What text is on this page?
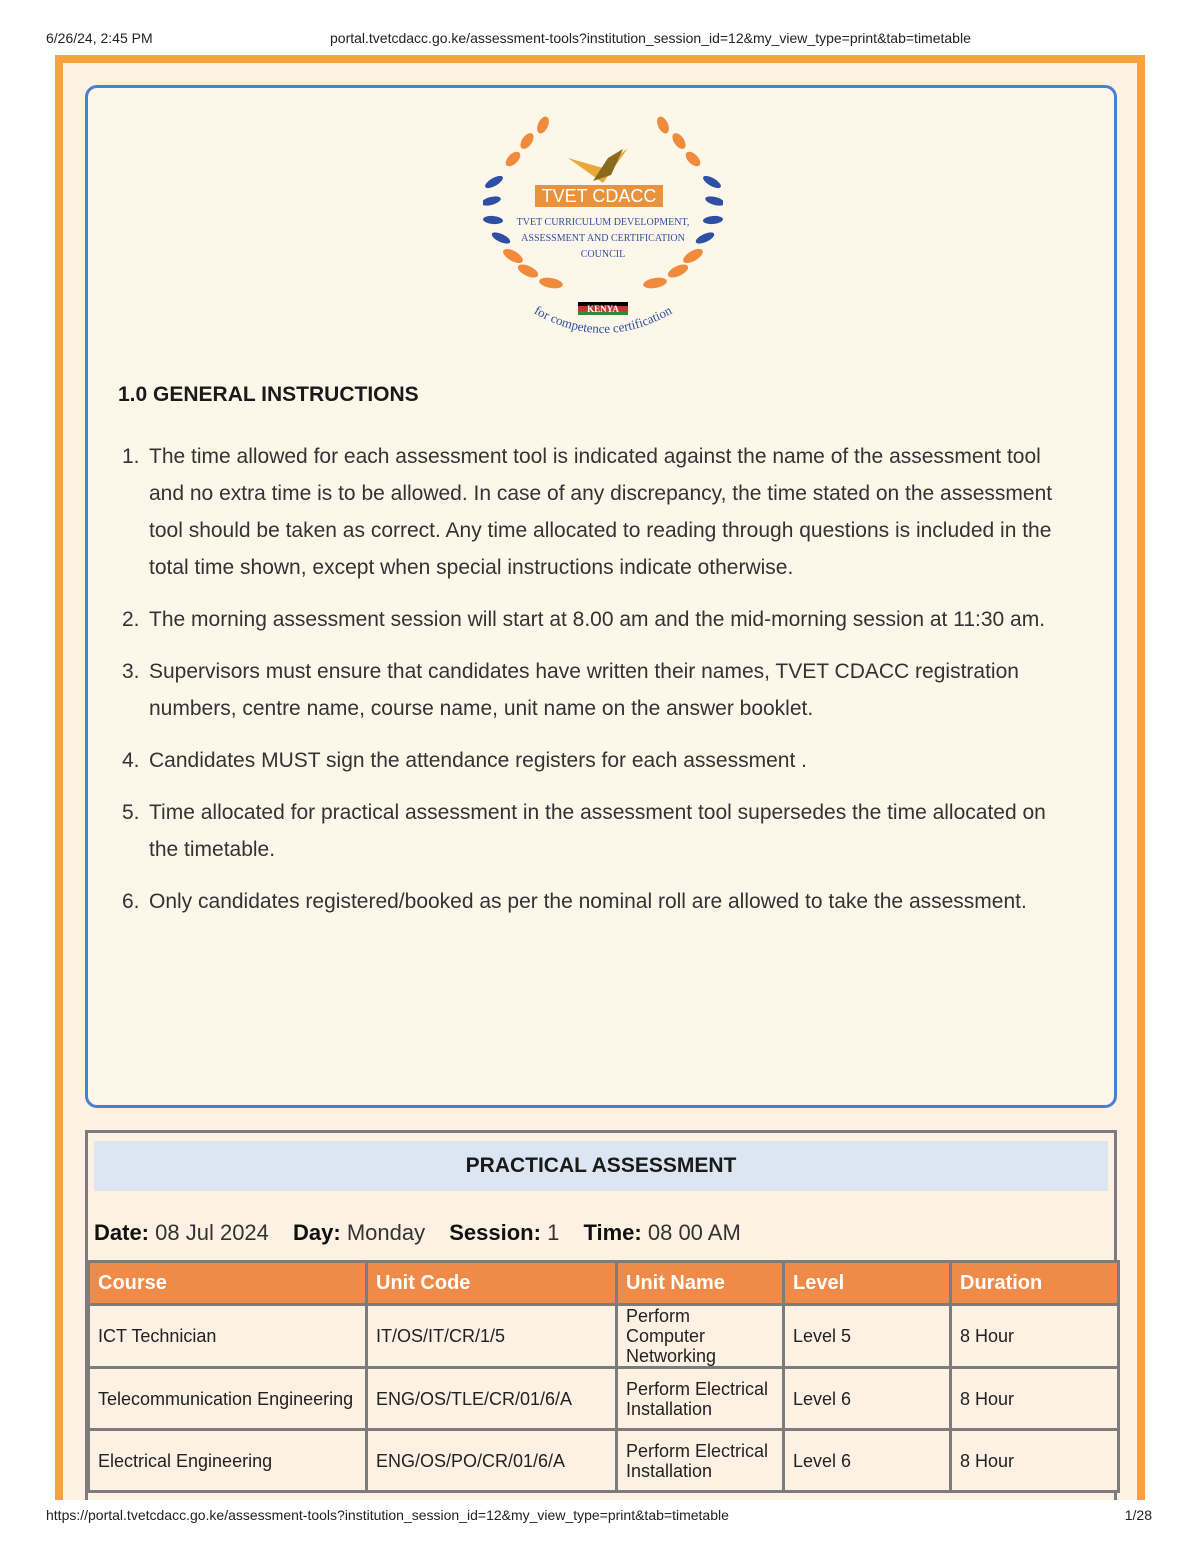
6/26/24, 2:45 PM	portal.tvetcdacc.go.ke/assessment-tools?institution_session_id=12&my_view_type=print&tab=timetable
TVET CDACC
TVET CURRICULUM DEVELOPMENT,
ASSESSMENT AND CERTIFICATION
COUNCIL
KENYA
for competence certification
1.0 GENERAL INSTRUCTIONS
1. The time allowed for each assessment tool is indicated against the name of the assessment tool and no extra time is to be allowed. In case of any discrepancy, the time stated on the assessment tool should be taken as correct. Any time allocated to reading through questions is included in the total time shown, except when special instructions indicate otherwise.
2. The morning assessment session will start at 8.00 am and the mid-morning session at 11:30 am.
3. Supervisors must ensure that candidates have written their names, TVET CDACC registration numbers, centre name, course name, unit name on the answer booklet.
4. Candidates MUST sign the attendance registers for each assessment .
5. Time allocated for practical assessment in the assessment tool supersedes the time allocated on the timetable.
6. Only candidates registered/booked as per the nominal roll are allowed to take the assessment.
PRACTICAL ASSESSMENT
Date: 08 Jul 2024 Day: Monday Session: 1 Time: 08 00 AM
Course	Unit Code	Unit Name	Level	Duration
ICT Technician	IT/OS/IT/CR/1/5	Perform Computer Networking	Level 5	8 Hour
Telecommunication Engineering	ENG/OS/TLE/CR/01/6/A	Perform Electrical Installation	Level 6	8 Hour
Electrical Engineering	ENG/OS/PO/CR/01/6/A	Perform Electrical Installation	Level 6	8 Hour
https://portal.tvetcdacc.go.ke/assessment-tools?institution_session_id=12&my_view_type=print&tab=timetable	1/28
